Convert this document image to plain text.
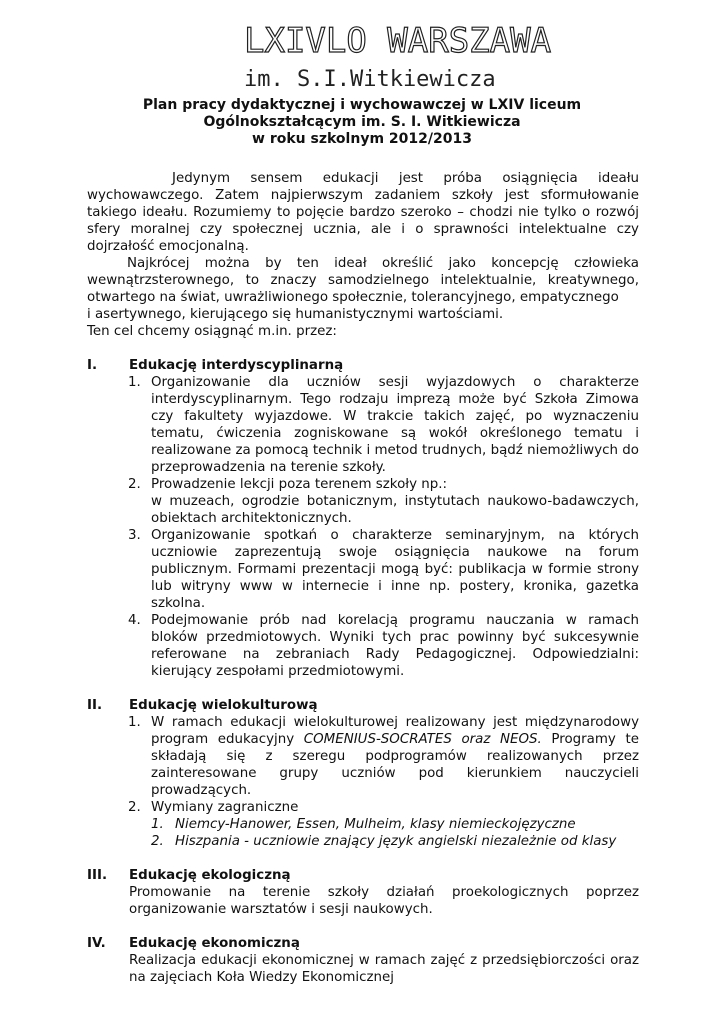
LXIVLO WARSZAWA
im. S.I.Witkiewicza
Plan pracy dydaktycznej i wychowawczej w LXIV liceum
Ogólnokształcącym im. S. I. Witkiewicza
w roku szkolnym 2012/2013

Jedynym sensem edukacji jest próba osiągnięcia ideału wychowawczego. Zatem najpierwszym zadaniem szkoły jest sformułowanie takiego ideału. Rozumiemy to pojęcie bardzo szeroko – chodzi nie tylko o rozwój sfery moralnej czy społecznej ucznia, ale i o sprawności intelektualne czy dojrzałość emocjonalną.

Najkrócej można by ten ideał określić jako koncepcję człowieka wewnątrzsterownego, to znaczy samodzielnego intelektualnie, kreatywnego, otwartego na świat, uwrażliwionego społecznie, tolerancyjnego, empatycznego

i asertywnego, kierującego się humanistycznymi wartościami.

Ten cel chcemy osiągnąć m.in. przez:

I.	Edukację interdyscyplinarną
1. Organizowanie dla uczniów sesji wyjazdowych o charakterze interdyscyplinarnym. Tego rodzaju imprezą może być Szkoła Zimowa czy fakultety wyjazdowe. W trakcie takich zajęć, po wyznaczeniu tematu, ćwiczenia zogniskowane są wokół określonego tematu i realizowane za pomocą technik i metod trudnych, bądź niemożliwych do przeprowadzenia na terenie szkoły.
2. Prowadzenie lekcji poza terenem szkoły np.:
w muzeach, ogrodzie botanicznym, instytutach naukowo-badawczych, obiektach architektonicznych.
3. Organizowanie spotkań o charakterze seminaryjnym, na których uczniowie zaprezentują swoje osiągnięcia naukowe na forum publicznym. Formami prezentacji mogą być: publikacja w formie strony lub witryny www w internecie i inne np. postery, kronika, gazetka szkolna.
4. Podejmowanie prób nad korelacją programu nauczania w ramach bloków przedmiotowych. Wyniki tych prac powinny być sukcesywnie referowane na zebraniach Rady Pedagogicznej. Odpowiedzialni: kierujący zespołami przedmiotowymi.
II.	Edukację wielokulturową
1. W ramach edukacji wielokulturowej realizowany jest międzynarodowy program edukacyjny COMENIUS-SOCRATES oraz NEOS. Programy te składają się z szeregu podprogramów realizowanych przez zainteresowane grupy uczniów pod kierunkiem nauczycieli prowadzących.
2. Wymiany zagraniczne
1. Niemcy-Hanower, Essen, Mulheim, klasy niemieckojęzyczne
2. Hiszpania - uczniowie znający język angielski niezależnie od klasy
III.	Edukację ekologiczną

Promowanie na terenie szkoły działań proekologicznych poprzez organizowanie warsztatów i sesji naukowych.

IV.	Edukację ekonomiczną

Realizacja edukacji ekonomicznej w ramach zajęć z przedsiębiorczości oraz na zajęciach Koła Wiedzy Ekonomicznej
